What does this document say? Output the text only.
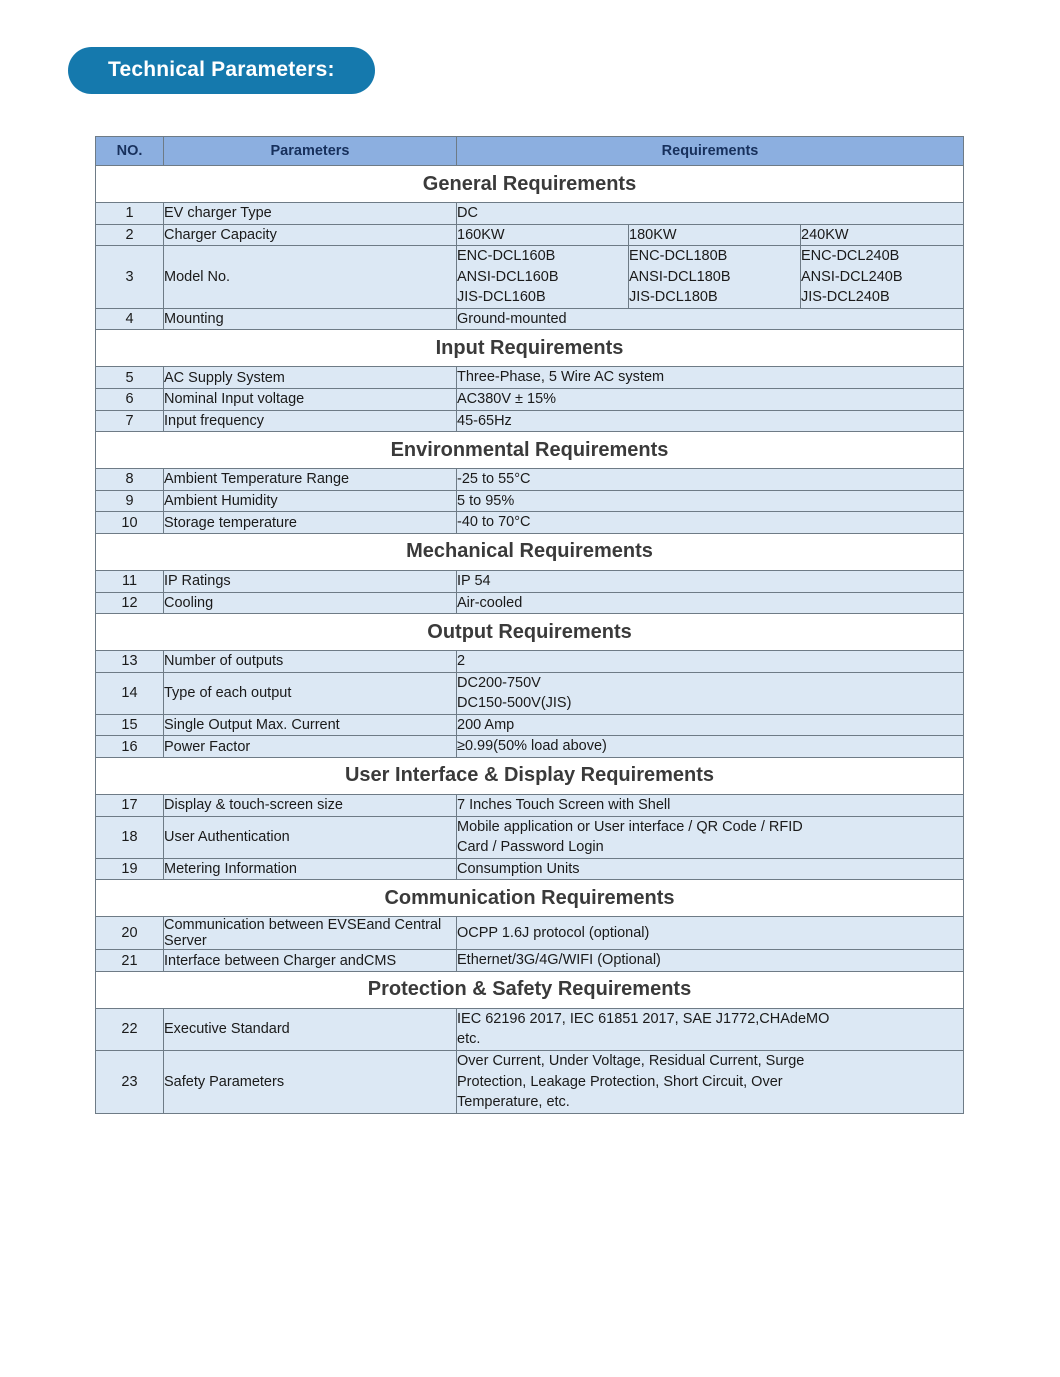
Technical Parameters:
NO.	Parameters	Requirements		
General Requirements				
1	EV charger Type	DC		
2	Charger Capacity	160KW	180KW	240KW
3	Model No.	ENC-DCL160B
ANSI-DCL160B
JIS-DCL160B	ENC-DCL180B
ANSI-DCL180B
JIS-DCL180B	ENC-DCL240B
ANSI-DCL240B
JIS-DCL240B

4	Mounting	Ground-mounted		
Input Requirements				
5	AC Supply System	Three-Phase, 5 Wire AC system		
6	Nominal Input voltage	AC380V ± 15%		
7	Input frequency	45-65Hz		
Environmental Requirements				
8	Ambient Temperature Range	-25 to 55°C		
9	Ambient Humidity	5 to 95%		
10	Storage temperature	-40 to 70°C		
Mechanical Requirements				
11	IP Ratings	IP 54		
12	Cooling	Air-cooled		
Output Requirements				
13	Number of outputs	2		
14	Type of each output	DC200-750V
DC150-500V(JIS)		

15	Single Output Max. Current	200 Amp		
16	Power Factor	≥0.99(50% load above)		
User Interface & Display Requirements				
17	Display & touch-screen size	7 Inches Touch Screen with Shell		
18	User Authentication	Mobile application or User interface / QR Code / RFID
Card / Password Login		

19	Metering Information	Consumption Units		
Communication Requirements				
20	Communication between EVSEand Central Server	OCPP 1.6J protocol (optional)		
21	Interface between Charger andCMS	Ethernet/3G/4G/WIFI (Optional)		
Protection & Safety Requirements				
22	Executive Standard	IEC 62196 2017, IEC 61851 2017, SAE J1772,CHAdeMO
etc.		

23	Safety Parameters	Over Current, Under Voltage, Residual Current, Surge
Protection, Leakage Protection, Short Circuit, Over
Temperature, etc.		
